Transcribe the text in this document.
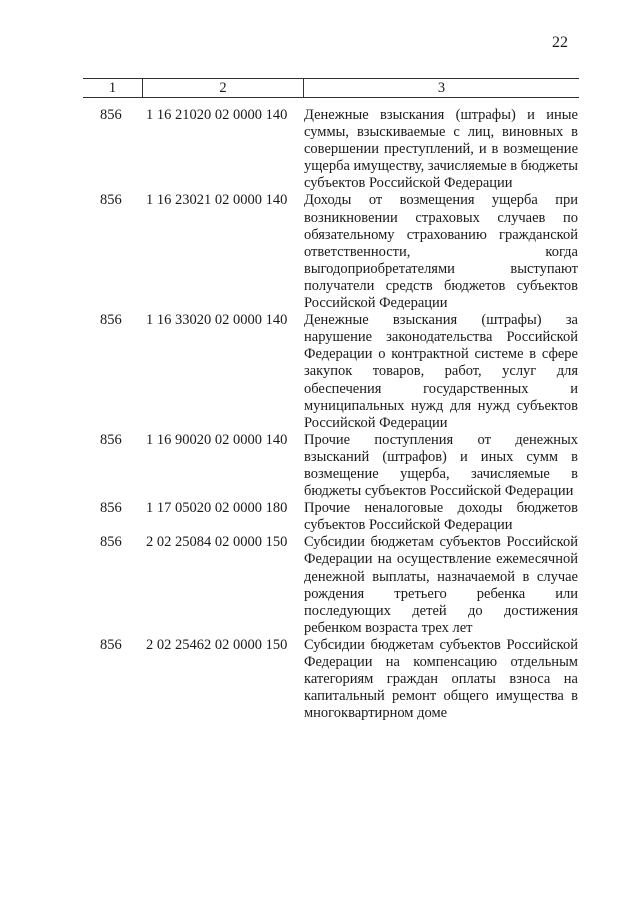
22
1	2	3
856 1 16 21020 02 0000 140 Денежные взыскания (штрафы) и иные суммы, взыскиваемые с лиц, виновных в совершении преступлений, и в возмещение ущерба имуществу, зачисляемые в бюджеты субъектов Российской Федерации
856 1 16 23021 02 0000 140 Доходы от возмещения ущерба при возникновении страховых случаев по обязательному страхованию гражданской ответственности, когда выгодоприобретателями выступают получатели средств бюджетов субъектов Российской Федерации
856 1 16 33020 02 0000 140 Денежные взыскания (штрафы) за нарушение законодательства Российской Федерации о контрактной системе в сфере закупок товаров, работ, услуг для обеспечения государственных и муниципальных нужд для нужд субъектов Российской Федерации
856 1 16 90020 02 0000 140 Прочие поступления от денежных взысканий (штрафов) и иных сумм в возмещение ущерба, зачисляемые в бюджеты субъектов Российской Федерации
856 1 17 05020 02 0000 180 Прочие неналоговые доходы бюджетов субъектов Российской Федерации
856 2 02 25084 02 0000 150 Субсидии бюджетам субъектов Российской Федерации на осуществление ежемесячной денежной выплаты, назначаемой в случае рождения третьего ребенка или последующих детей до достижения ребенком возраста трех лет
856 2 02 25462 02 0000 150 Субсидии бюджетам субъектов Российской Федерации на компенсацию отдельным категориям граждан оплаты взноса на капитальный ремонт общего имущества в многоквартирном доме
